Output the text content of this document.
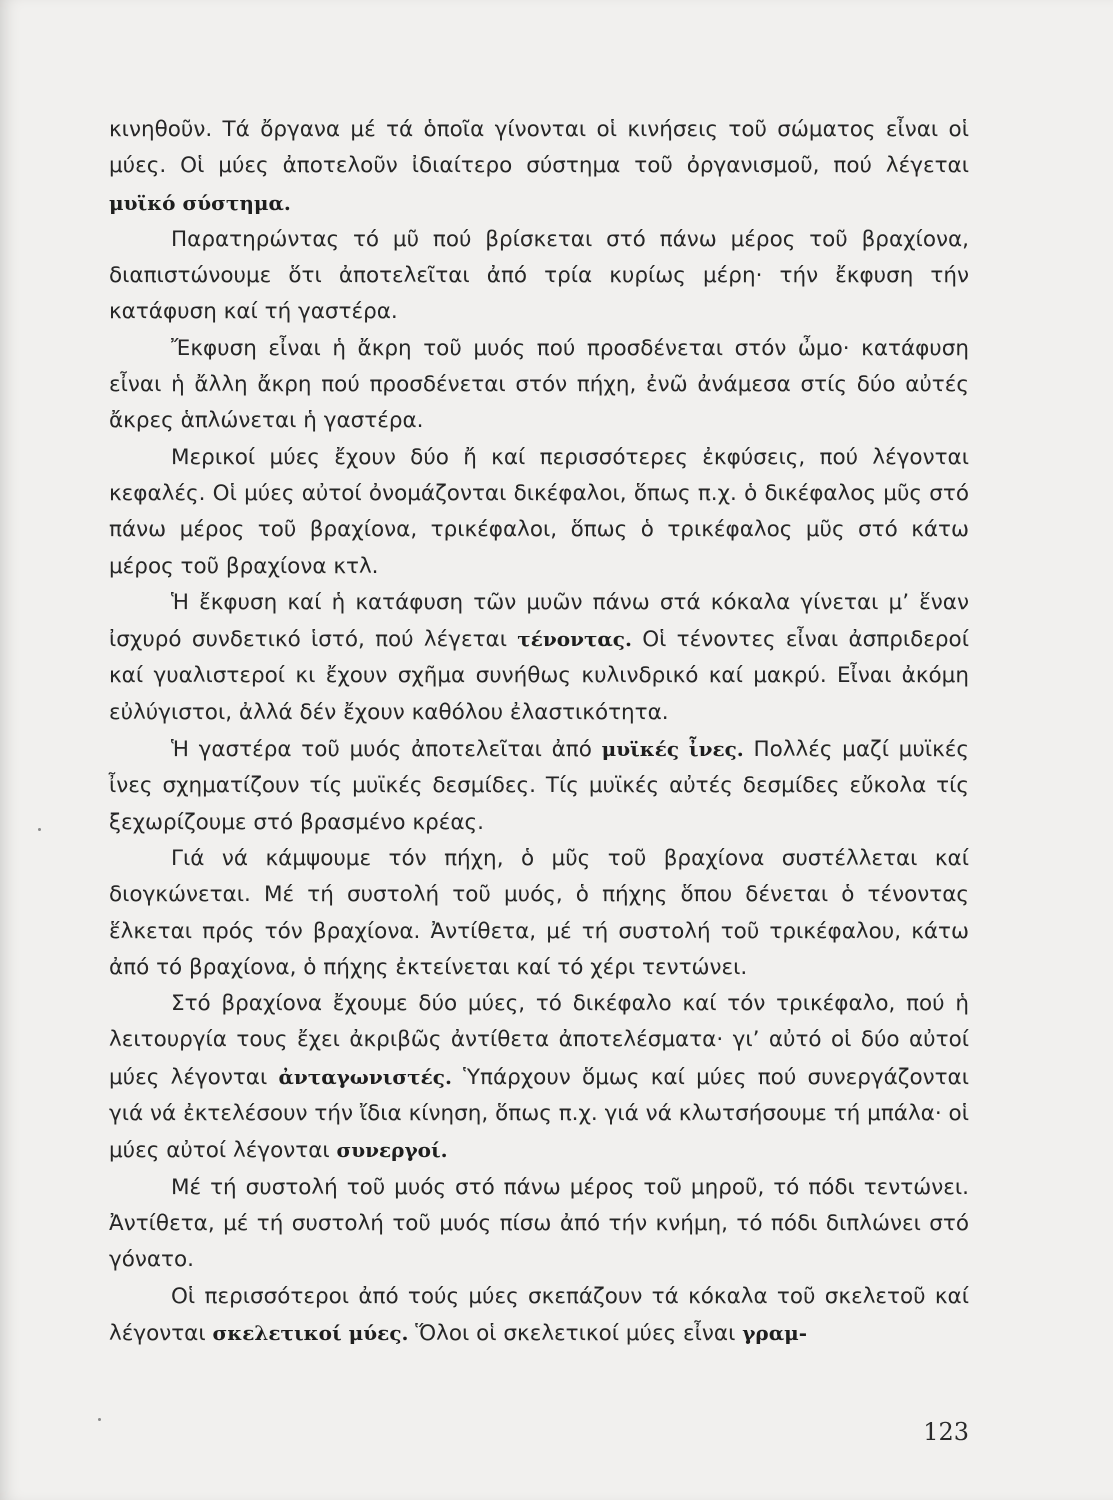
κινηθοῦν. Τά ὄργανα μέ τά ὁποῖα γίνονται οἱ κινήσεις τοῦ σώματος εἶναι οἱ μύες. Οἱ μύες ἀποτελοῦν ἰδιαίτερο σύστημα τοῦ ὀργανισμοῦ, πού λέγεται μυϊκό σύστημα.

Παρατηρώντας τό μῦ πού βρίσκεται στό πάνω μέρος τοῦ βραχίονα, διαπιστώνουμε ὅτι ἀποτελεῖται ἀπό τρία κυρίως μέρη· τήν ἔκφυση τήν κατάφυση καί τή γαστέρα.

Ἔκφυση εἶναι ἡ ἄκρη τοῦ μυός πού προσδένεται στόν ὦμο· κατάφυση εἶναι ἡ ἄλλη ἄκρη πού προσδένεται στόν πήχη, ἐνῶ ἀνάμεσα στίς δύο αὐτές ἄκρες ἁπλώνεται ἡ γαστέρα.

Μερικοί μύες ἔχουν δύο ἤ καί περισσότερες ἐκφύσεις, πού λέγονται κεφαλές. Οἱ μύες αὐτοί ὀνομάζονται δικέφαλοι, ὅπως π.χ. ὁ δικέφαλος μῦς στό πάνω μέρος τοῦ βραχίονα, τρικέφαλοι, ὅπως ὁ τρικέφαλος μῦς στό κάτω μέρος τοῦ βραχίονα κτλ.

Ἡ ἔκφυση καί ἡ κατάφυση τῶν μυῶν πάνω στά κόκαλα γίνεται μ’ ἕναν ἰσχυρό συνδετικό ἱστό, πού λέγεται τένοντας. Οἱ τένοντες εἶναι ἀσπριδεροί καί γυαλιστεροί κι ἔχουν σχῆμα συνήθως κυλινδρικό καί μακρύ. Εἶναι ἀκόμη εὐλύγιστοι, ἀλλά δέν ἔχουν καθόλου ἐλαστικότητα.

Ἡ γαστέρα τοῦ μυός ἀποτελεῖται ἀπό μυϊκές ἶνες. Πολλές μαζί μυϊκές ἶνες σχηματίζουν τίς μυϊκές δεσμίδες. Τίς μυϊκές αὐτές δεσμίδες εὔκολα τίς ξεχωρίζουμε στό βρασμένο κρέας.

Γιά νά κάμψουμε τόν πήχη, ὁ μῦς τοῦ βραχίονα συστέλλεται καί διογκώνεται. Μέ τή συστολή τοῦ μυός, ὁ πήχης ὅπου δένεται ὁ τένοντας ἕλκεται πρός τόν βραχίονα. Ἀντίθετα, μέ τή συστολή τοῦ τρικέφαλου, κάτω ἀπό τό βραχίονα, ὁ πήχης ἐκτείνεται καί τό χέρι τεντώνει.

Στό βραχίονα ἔχουμε δύο μύες, τό δικέφαλο καί τόν τρικέφαλο, πού ἡ λειτουργία τους ἔχει ἀκριβῶς ἀντίθετα ἀποτελέσματα· γι’ αὐτό οἱ δύο αὐτοί μύες λέγονται ἀνταγωνιστές. Ὑπάρχουν ὅμως καί μύες πού συνεργάζονται γιά νά ἐκτελέσουν τήν ἴδια κίνηση, ὅπως π.χ. γιά νά κλωτσήσουμε τή μπάλα· οἱ μύες αὐτοί λέγονται συνεργοί.

Μέ τή συστολή τοῦ μυός στό πάνω μέρος τοῦ μηροῦ, τό πόδι τεντώνει. Ἀντίθετα, μέ τή συστολή τοῦ μυός πίσω ἀπό τήν κνήμη, τό πόδι διπλώνει στό γόνατο.

Οἱ περισσότεροι ἀπό τούς μύες σκεπάζουν τά κόκαλα τοῦ σκελετοῦ καί λέγονται σκελετικοί μύες. Ὅλοι οἱ σκελετικοί μύες εἶναι γραμ-

123
